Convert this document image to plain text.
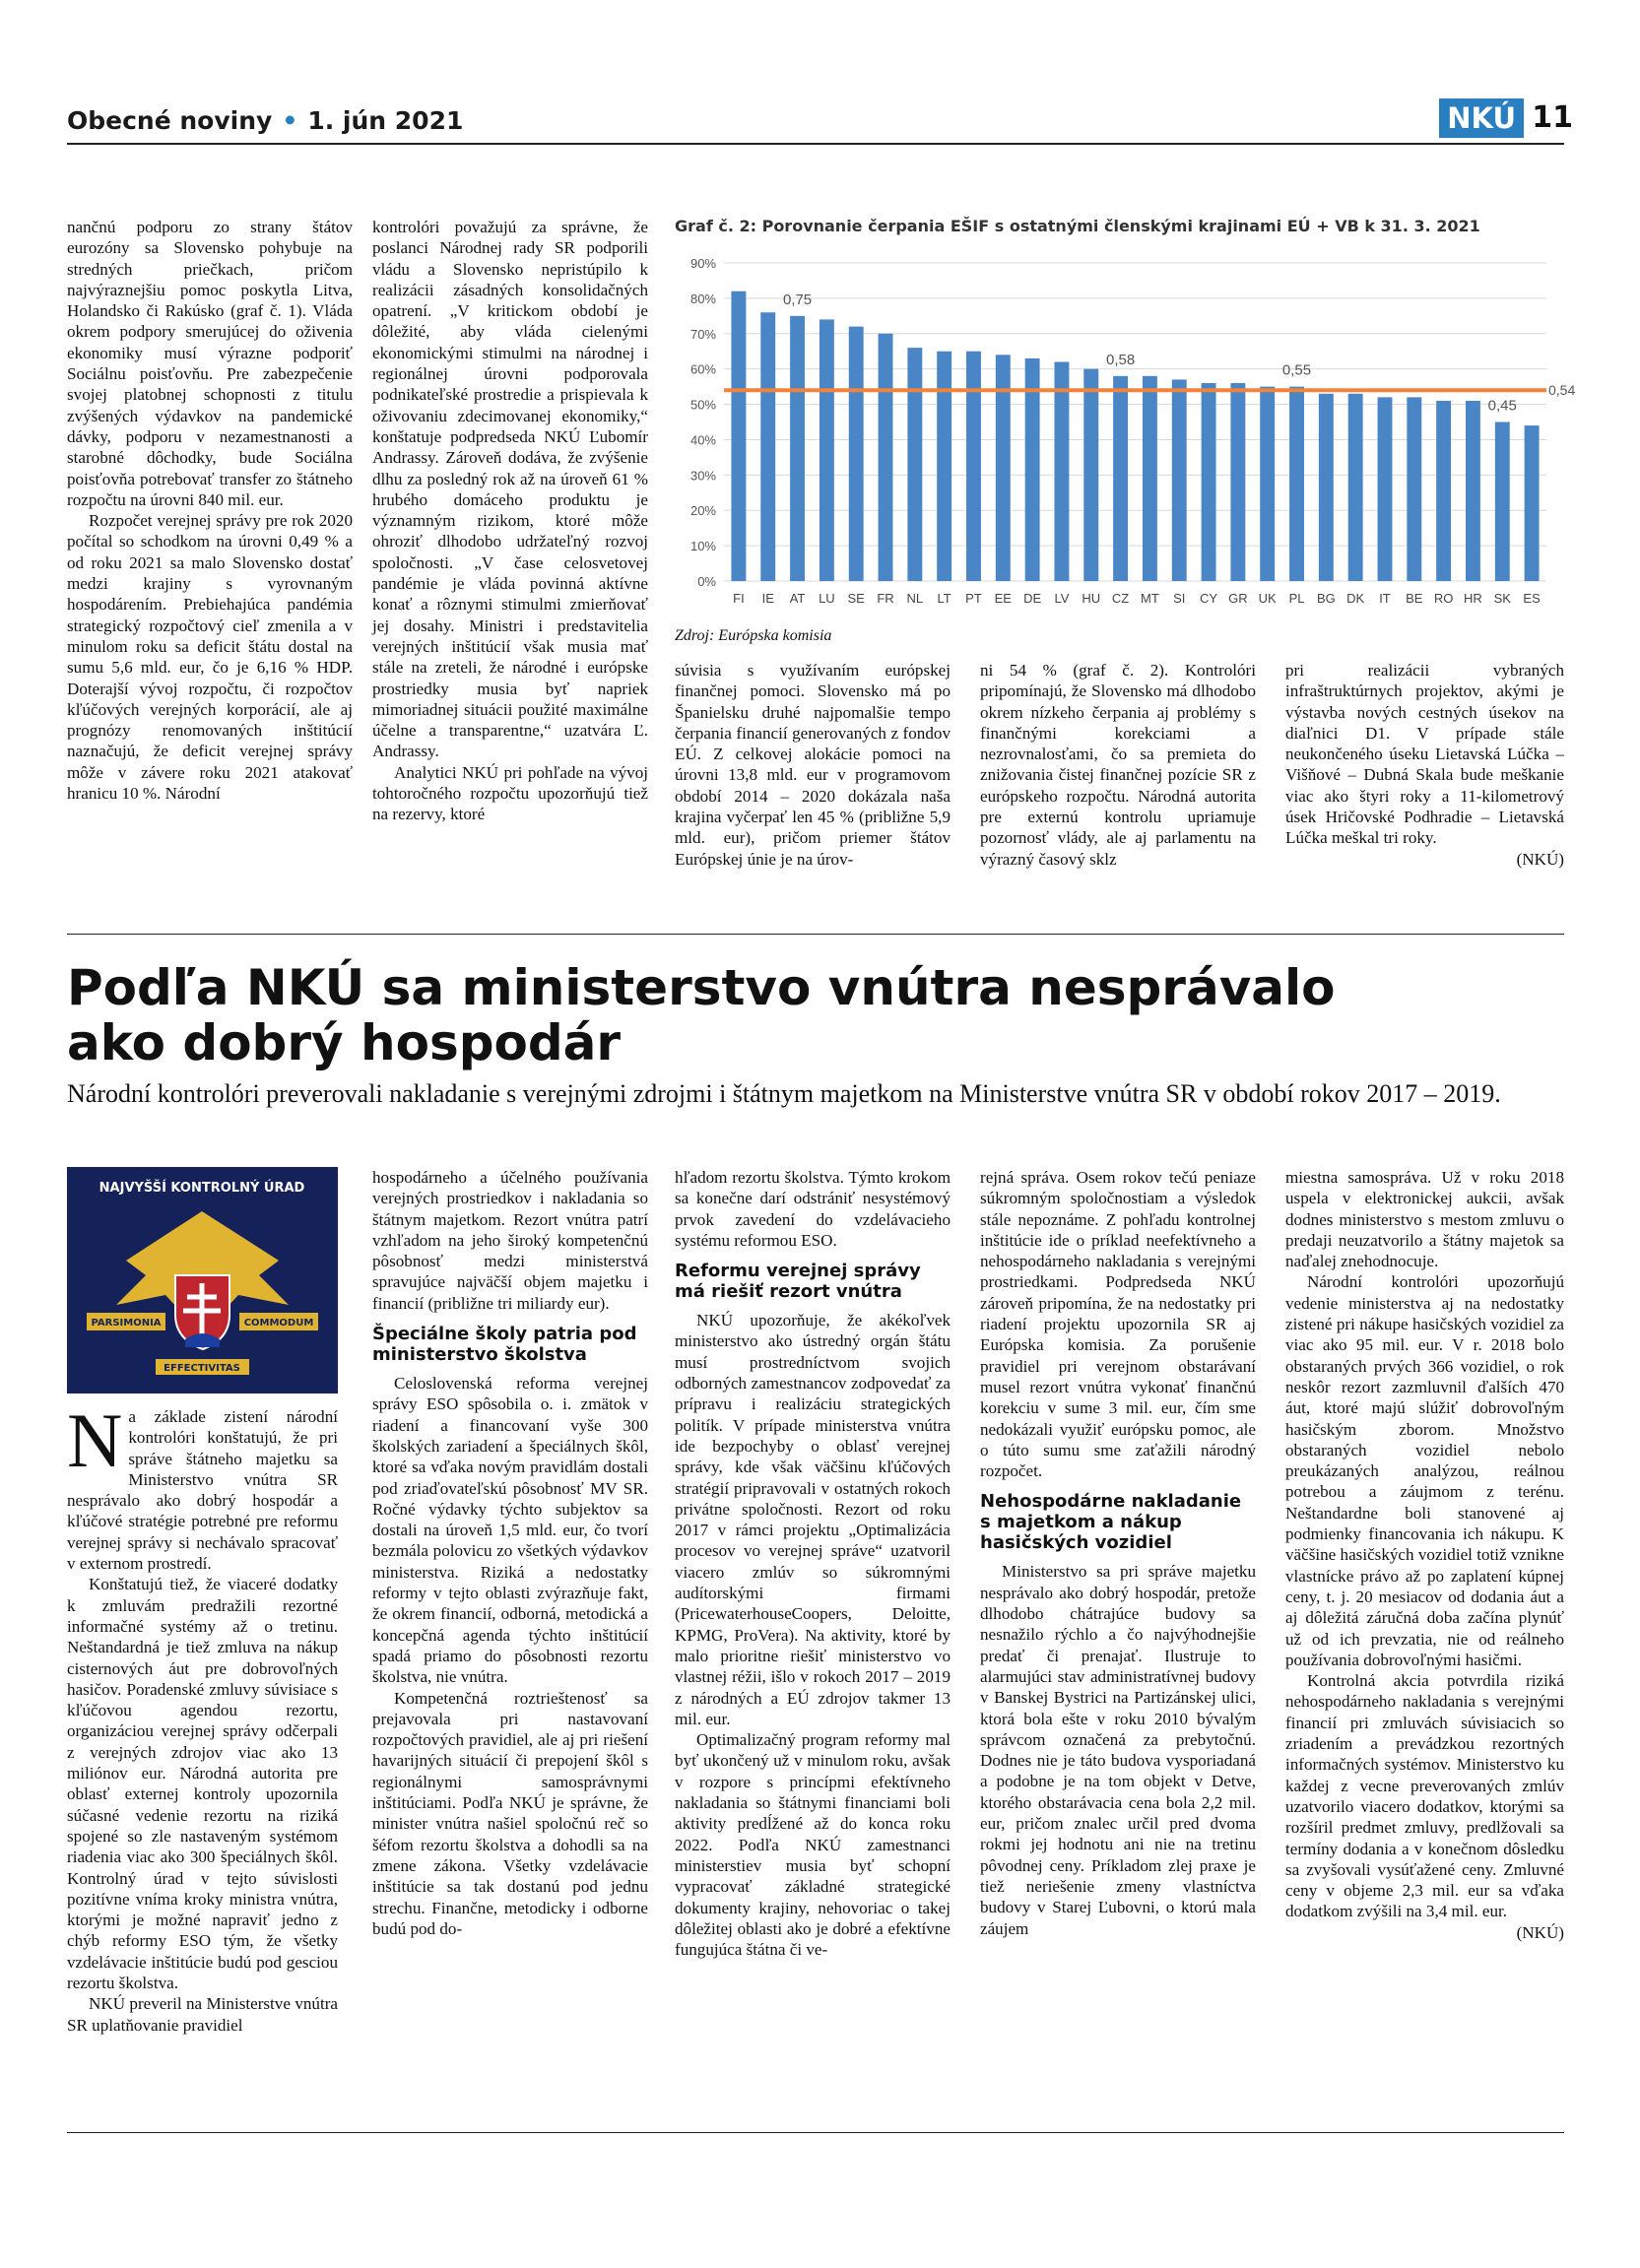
Obecné noviny • 1. jún 2021	NKÚ 11

nančnú podporu zo strany štátov eurozóny sa Slovensko pohybuje na stredných priečkach, pričom najvýraznejšiu pomoc poskytla Litva, Holandsko či Rakúsko (graf č. 1). Vláda okrem podpory smerujúcej do oživenia ekonomiky musí výrazne podporiť Sociálnu poisťovňu. Pre zabezpečenie svojej platobnej schopnosti z titulu zvýšených výdavkov na pandemické dávky, podporu v nezamestnanosti a starobné dôchodky, bude Sociálna poisťovňa potrebovať transfer zo štátneho rozpočtu na úrovni 840 mil. eur.

Rozpočet verejnej správy pre rok 2020 počítal so schodkom na úrovni 0,49 % a od roku 2021 sa malo Slovensko dostať medzi krajiny s vyrovnaným hospodárením. Prebiehajúca pandémia strategický rozpočtový cieľ zmenila a v minulom roku sa deficit štátu dostal na sumu 5,6 mld. eur, čo je 6,16 % HDP. Doterajší vývoj rozpočtu, či rozpočtov kľúčových verejných korporácií, ale aj prognózy renomovaných inštitúcií naznačujú, že deficit verejnej správy môže v závere roku 2021 atakovať hranicu 10 %. Národní

kontrolóri považujú za správne, že poslanci Národnej rady SR podporili vládu a Slovensko nepristúpilo k realizácii zásadných konsolidačných opatrení. „V kritickom období je dôležité, aby vláda cielenými ekonomickými stimulmi na národnej i regionálnej úrovni podporovala podnikateľské prostredie a prispievala k oživovaniu zdecimovanej ekonomiky,“ konštatuje podpredseda NKÚ Ľubomír Andrassy. Zároveň dodáva, že zvýšenie dlhu za posledný rok až na úroveň 61 % hrubého domáceho produktu je významným rizikom, ktoré môže ohroziť dlhodobo udržateľný rozvoj spoločnosti. „V čase celosvetovej pandémie je vláda povinná aktívne konať a rôznymi stimulmi zmierňovať jej dosahy. Ministri i predstavitelia verejných inštitúcií však musia mať stále na zreteli, že národné i európske prostriedky musia byť napriek mimoriadnej situácii použité maximálne účelne a transparentne,“ uzatvára Ľ. Andrassy.

Analytici NKÚ pri pohľade na vývoj tohtoročného rozpočtu upozorňujú tiež na rezervy, ktoré

Graf č. 2: Porovnanie čerpania EŠIF s ostatnými členskými krajinami EÚ + VB k 31. 3. 2021
0%
10%
20%
30%
40%
50%
60%
70%
80%
90%
FI IE AT LU SE FR NL LT PT EE DE LV HU CZ MT SI CY GR UK PL BG DK IT BE RO HR SK ES
0,54
0,75
0,58
0,55
0,45
Zdroj: Európska komisia

súvisia s využívaním európskej finančnej pomoci. Slovensko má po Španielsku druhé najpomalšie tempo čerpania financií generovaných z fondov EÚ. Z celkovej alokácie pomoci na úrovni 13,8 mld. eur v programovom období 2014 – 2020 dokázala naša krajina vyčerpať len 45 % (približne 5,9 mld. eur), pričom priemer štátov Európskej únie je na úrov-

ni 54 % (graf č. 2). Kontrolóri pripomínajú, že Slovensko má dlhodobo okrem nízkeho čerpania aj problémy s finančnými korekciami a nezrovnalosťami, čo sa premieta do znižovania čistej finančnej pozície SR z európskeho rozpočtu. Národná autorita pre externú kontrolu upriamuje pozornosť vlády, ale aj parlamentu na výrazný časový sklz

pri realizácii vybraných infraštruktúrnych projektov, akými je výstavba nových cestných úsekov na diaľnici D1. V prípade stále neukončeného úseku Lietavská Lúčka – Višňové – Dubná Skala bude meškanie viac ako štyri roky a 11-kilometrový úsek Hričovské Podhradie – Lietavská Lúčka meškal tri roky.

(NKÚ)

Podľa NKÚ sa ministerstvo vnútra nesprávalo
ako dobrý hospodár
Národní kontrolóri preverovali nakladanie s verejnými zdrojmi i štátnym majetkom na Ministerstve vnútra SR v období rokov 2017 – 2019.
NAJVYŠŠÍ KONTROLNÝ ÚRAD
PARSIMONIA	COMMODUM
EFFECTIVITAS

Na základe zistení národní kontrolóri konštatujú, že pri správe štátneho majetku sa Ministerstvo vnútra SR nesprávalo ako dobrý hospodár a kľúčové stratégie potrebné pre reformu verejnej správy si nechávalo spracovať v externom prostredí.

Konštatujú tiež, že viaceré dodatky k zmluvám predražili rezortné informačné systémy až o tretinu. Neštandardná je tiež zmluva na nákup cisternových áut pre dobrovoľných hasičov. Poradenské zmluvy súvisiace s kľúčovou agendou rezortu, organizáciou verejnej správy odčerpali z verejných zdrojov viac ako 13 miliónov eur. Národná autorita pre oblasť externej kontroly upozornila súčasné vedenie rezortu na riziká spojené so zle nastaveným systémom riadenia viac ako 300 špeciálnych škôl. Kontrolný úrad v tejto súvislosti pozitívne vníma kroky ministra vnútra, ktorými je možné napraviť jedno z chýb reformy ESO tým, že všetky vzdelávacie inštitúcie budú pod gesciou rezortu školstva.

NKÚ preveril na Ministerstve vnútra SR uplatňovanie pravidiel

hospodárneho a účelného používania verejných prostriedkov i nakladania so štátnym majetkom. Rezort vnútra patrí vzhľadom na jeho široký kompetenčnú pôsobnosť medzi ministerstvá spravujúce najväčší objem majetku i financií (približne tri miliardy eur).

Špeciálne školy patria pod ministerstvo školstva

Celoslovenská reforma verejnej správy ESO spôsobila o. i. zmätok v riadení a financovaní vyše 300 školských zariadení a špeciálnych škôl, ktoré sa vďaka novým pravidlám dostali pod zriaďovateľskú pôsobnosť MV SR. Ročné výdavky týchto subjektov sa dostali na úroveň 1,5 mld. eur, čo tvorí bezmála polovicu zo všetkých výdavkov ministerstva. Riziká a nedostatky reformy v tejto oblasti zvýrazňuje fakt, že okrem financií, odborná, metodická a koncepčná agenda týchto inštitúcií spadá priamo do pôsobnosti rezortu školstva, nie vnútra.

Kompetenčná roztrieštenosť sa prejavovala pri nastavovaní rozpočtových pravidiel, ale aj pri riešení havarijných situácií či prepojení škôl s regionálnymi samosprávnymi inštitúciami. Podľa NKÚ je správne, že minister vnútra našiel spoločnú reč so šéfom rezortu školstva a dohodli sa na zmene zákona. Všetky vzdelávacie inštitúcie sa tak dostanú pod jednu strechu. Finančne, metodicky i odborne budú pod do-

hľadom rezortu školstva. Týmto krokom sa konečne darí odstrániť nesystémový prvok zavedení do vzdelávacieho systému reformou ESO.

Reformu verejnej správy má riešiť rezort vnútra

NKÚ upozorňuje, že akékoľvek ministerstvo ako ústredný orgán štátu musí prostredníctvom svojich odborných zamestnancov zodpovedať za prípravu i realizáciu strategických politík. V prípade ministerstva vnútra ide bezpochyby o oblasť verejnej správy, kde však väčšinu kľúčových stratégií pripravovali v ostatných rokoch privátne spoločnosti. Rezort od roku 2017 v rámci projektu „Optimalizácia procesov vo verejnej správe“ uzatvoril viacero zmlúv so súkromnými audítorskými firmami (PricewaterhouseCoopers, Deloitte, KPMG, ProVera). Na aktivity, ktoré by malo prioritne riešiť ministerstvo vo vlastnej réžii, išlo v rokoch 2017 – 2019 z národných a EÚ zdrojov takmer 13 mil. eur.

Optimalizačný program reformy mal byť ukončený už v minulom roku, avšak v rozpore s princípmi efektívneho nakladania so štátnymi financiami boli aktivity predĺžené až do konca roku 2022. Podľa NKÚ zamestnanci ministerstiev musia byť schopní vypracovať základné strategické dokumenty krajiny, nehovoriac o takej dôležitej oblasti ako je dobré a efektívne fungujúca štátna či ve-

rejná správa. Osem rokov tečú peniaze súkromným spoločnostiam a výsledok stále nepoznáme. Z pohľadu kontrolnej inštitúcie ide o príklad neefektívneho a nehospodárneho nakladania s verejnými prostriedkami. Podpredseda NKÚ zároveň pripomína, že na nedostatky pri riadení projektu upozornila SR aj Európska komisia. Za porušenie pravidiel pri verejnom obstarávaní musel rezort vnútra vykonať finančnú korekciu v sume 3 mil. eur, čím sme nedokázali využiť európsku pomoc, ale o túto sumu sme zaťažili národný rozpočet.

Nehospodárne nakladanie s majetkom a nákup hasičských vozidiel

Ministerstvo sa pri správe majetku nesprávalo ako dobrý hospodár, pretože dlhodobo chátrajúce budovy sa nesnažilo rýchlo a čo najvýhodnejšie predať či prenajať. Ilustruje to alarmujúci stav administratívnej budovy v Banskej Bystrici na Partizánskej ulici, ktorá bola ešte v roku 2010 bývalým správcom označená za prebytočnú. Dodnes nie je táto budova vysporiadaná a podobne je na tom objekt v Detve, ktorého obstarávacia cena bola 2,2 mil. eur, pričom znalec určil pred dvoma rokmi jej hodnotu ani nie na tretinu pôvodnej ceny. Príkladom zlej praxe je tiež neriešenie zmeny vlastníctva budovy v Starej Ľubovni, o ktorú mala záujem

miestna samospráva. Už v roku 2018 uspela v elektronickej aukcii, avšak dodnes ministerstvo s mestom zmluvu o predaji neuzatvorilo a štátny majetok sa naďalej znehodnocuje.

Národní kontrolóri upozorňujú vedenie ministerstva aj na nedostatky zistené pri nákupe hasičských vozidiel za viac ako 95 mil. eur. V r. 2018 bolo obstaraných prvých 366 vozidiel, o rok neskôr rezort zazmluvnil ďalších 470 áut, ktoré majú slúžiť dobrovoľným hasičským zborom. Množstvo obstaraných vozidiel nebolo preukázaných analýzou, reálnou potrebou a záujmom z terénu. Neštandardne boli stanovené aj podmienky financovania ich nákupu. K väčšine hasičských vozidiel totiž vznikne vlastnícke právo až po zaplatení kúpnej ceny, t. j. 20 mesiacov od dodania áut a aj dôležitá záručná doba začína plynúť už od ich prevzatia, nie od reálneho používania dobrovoľnými hasičmi.

Kontrolná akcia potvrdila riziká nehospodárneho nakladania s verejnými financií pri zmluvách súvisiacich so zriadením a prevádzkou rezortných informačných systémov. Ministerstvo ku každej z vecne preverovaných zmlúv uzatvorilo viacero dodatkov, ktorými sa rozšíril predmet zmluvy, predlžovali sa termíny dodania a v konečnom dôsledku sa zvyšovali vysúťažené ceny. Zmluvné ceny v objeme 2,3 mil. eur sa vďaka dodatkom zvýšili na 3,4 mil. eur.

(NKÚ)
